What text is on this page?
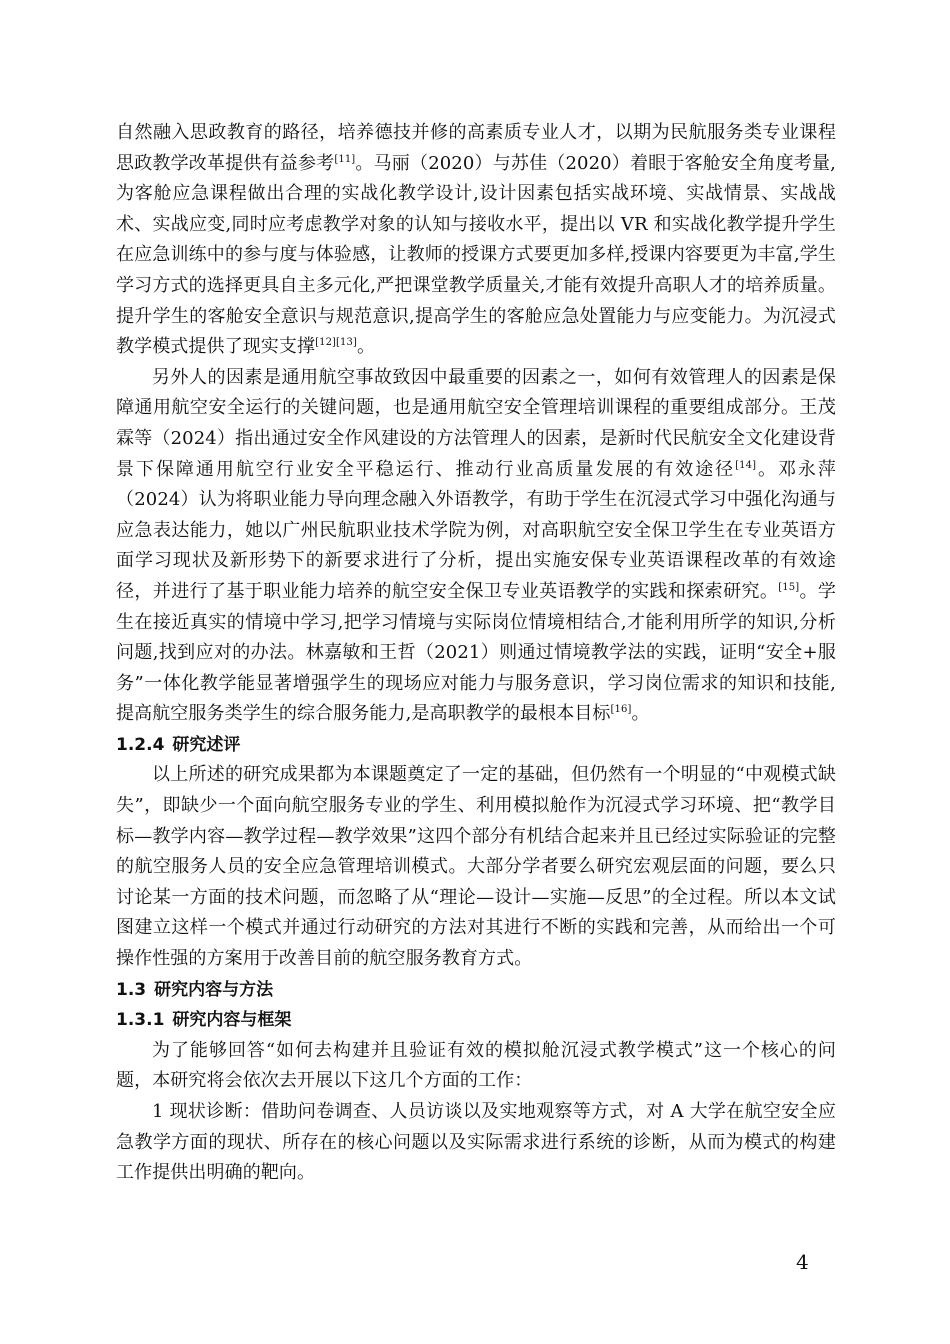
自然融入思政教育的路径，培养德技并修的高素质专业人才，以期为民航服务类专业课程思政教学改革提供有益参考[11]。马丽（2020）与苏佳（2020）着眼于客舱安全角度考量,为客舱应急课程做出合理的实战化教学设计,设计因素包括实战环境、实战情景、实战战术、实战应变,同时应考虑教学对象的认知与接收水平，提出以 VR 和实战化教学提升学生在应急训练中的参与度与体验感，让教师的授课方式要更加多样,授课内容要更为丰富,学生学习方式的选择更具自主多元化,严把课堂教学质量关,才能有效提升高职人才的培养质量。提升学生的客舱安全意识与规范意识,提高学生的客舱应急处置能力与应变能力。为沉浸式教学模式提供了现实支撑[12][13]。

另外人的因素是通用航空事故致因中最重要的因素之一，如何有效管理人的因素是保障通用航空安全运行的关键问题，也是通用航空安全管理培训课程的重要组成部分。王茂霖等（2024）指出通过安全作风建设的方法管理人的因素，是新时代民航安全文化建设背景下保障通用航空行业安全平稳运行、推动行业高质量发展的有效途径[14]。邓永萍（2024）认为将职业能力导向理念融入外语教学，有助于学生在沉浸式学习中强化沟通与应急表达能力，她以广州民航职业技术学院为例，对高职航空安全保卫学生在专业英语方面学习现状及新形势下的新要求进行了分析，提出实施安保专业英语课程改革的有效途径，并进行了基于职业能力培养的航空安全保卫专业英语教学的实践和探索研究。[15]。学生在接近真实的情境中学习,把学习情境与实际岗位情境相结合,才能利用所学的知识,分析问题,找到应对的办法。林嘉敏和王哲（2021）则通过情境教学法的实践，证明“安全+服务”一体化教学能显著增强学生的现场应对能力与服务意识，学习岗位需求的知识和技能,提高航空服务类学生的综合服务能力,是高职教学的最根本目标[16]。

1.2.4 研究述评

以上所述的研究成果都为本课题奠定了一定的基础，但仍然有一个明显的“中观模式缺失”，即缺少一个面向航空服务专业的学生、利用模拟舱作为沉浸式学习环境、把“教学目标—教学内容—教学过程—教学效果”这四个部分有机结合起来并且已经过实际验证的完整的航空服务人员的安全应急管理培训模式。大部分学者要么研究宏观层面的问题，要么只讨论某一方面的技术问题，而忽略了从“理论—设计—实施—反思”的全过程。所以本文试图建立这样一个模式并通过行动研究的方法对其进行不断的实践和完善，从而给出一个可操作性强的方案用于改善目前的航空服务教育方式。

1.3 研究内容与方法
1.3.1 研究内容与框架

为了能够回答“如何去构建并且验证有效的模拟舱沉浸式教学模式”这一个核心的问题，本研究将会依次去开展以下这几个方面的工作：

1 现状诊断：借助问卷调查、人员访谈以及实地观察等方式，对 A 大学在航空安全应急教学方面的现状、所存在的核心问题以及实际需求进行系统的诊断，从而为模式的构建工作提供出明确的靶向。

4
